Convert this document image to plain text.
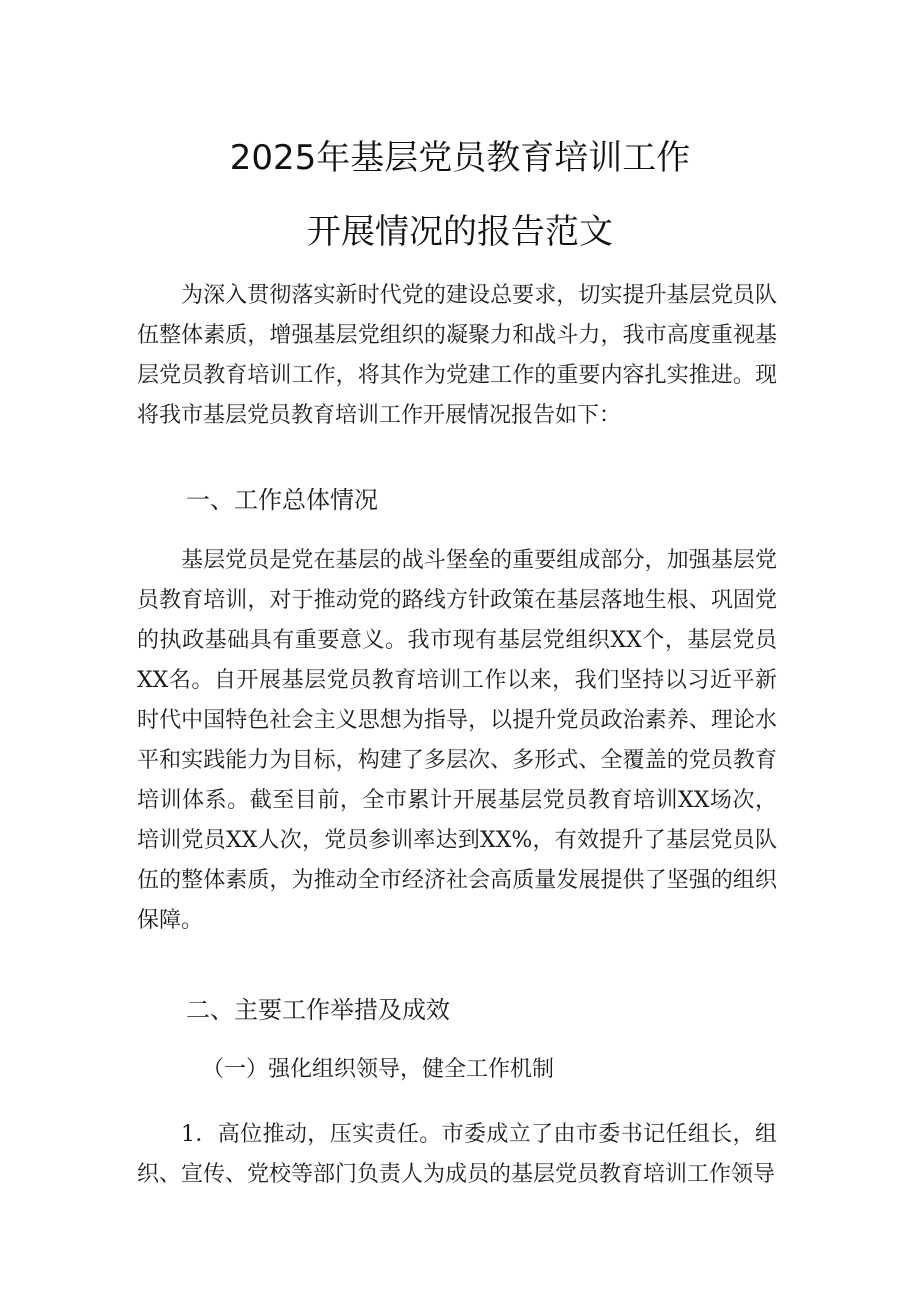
2025年基层党员教育培训工作
开展情况的报告范文

为深入贯彻落实新时代党的建设总要求，切实提升基层党员队伍整体素质，增强基层党组织的凝聚力和战斗力，我市高度重视基层党员教育培训工作，将其作为党建工作的重要内容扎实推进。现将我市基层党员教育培训工作开展情况报告如下：

一、工作总体情况

基层党员是党在基层的战斗堡垒的重要组成部分，加强基层党员教育培训，对于推动党的路线方针政策在基层落地生根、巩固党的执政基础具有重要意义。我市现有基层党组织XX个，基层党员XX名。自开展基层党员教育培训工作以来，我们坚持以习近平新时代中国特色社会主义思想为指导，以提升党员政治素养、理论水平和实践能力为目标，构建了多层次、多形式、全覆盖的党员教育培训体系。截至目前，全市累计开展基层党员教育培训XX场次，培训党员XX人次，党员参训率达到XX%，有效提升了基层党员队伍的整体素质，为推动全市经济社会高质量发展提供了坚强的组织保障。

二、主要工作举措及成效
（一）强化组织领导，健全工作机制

1．高位推动，压实责任。市委成立了由市委书记任组长，组织、宣传、党校等部门负责人为成员的基层党员教育培训工作领导
